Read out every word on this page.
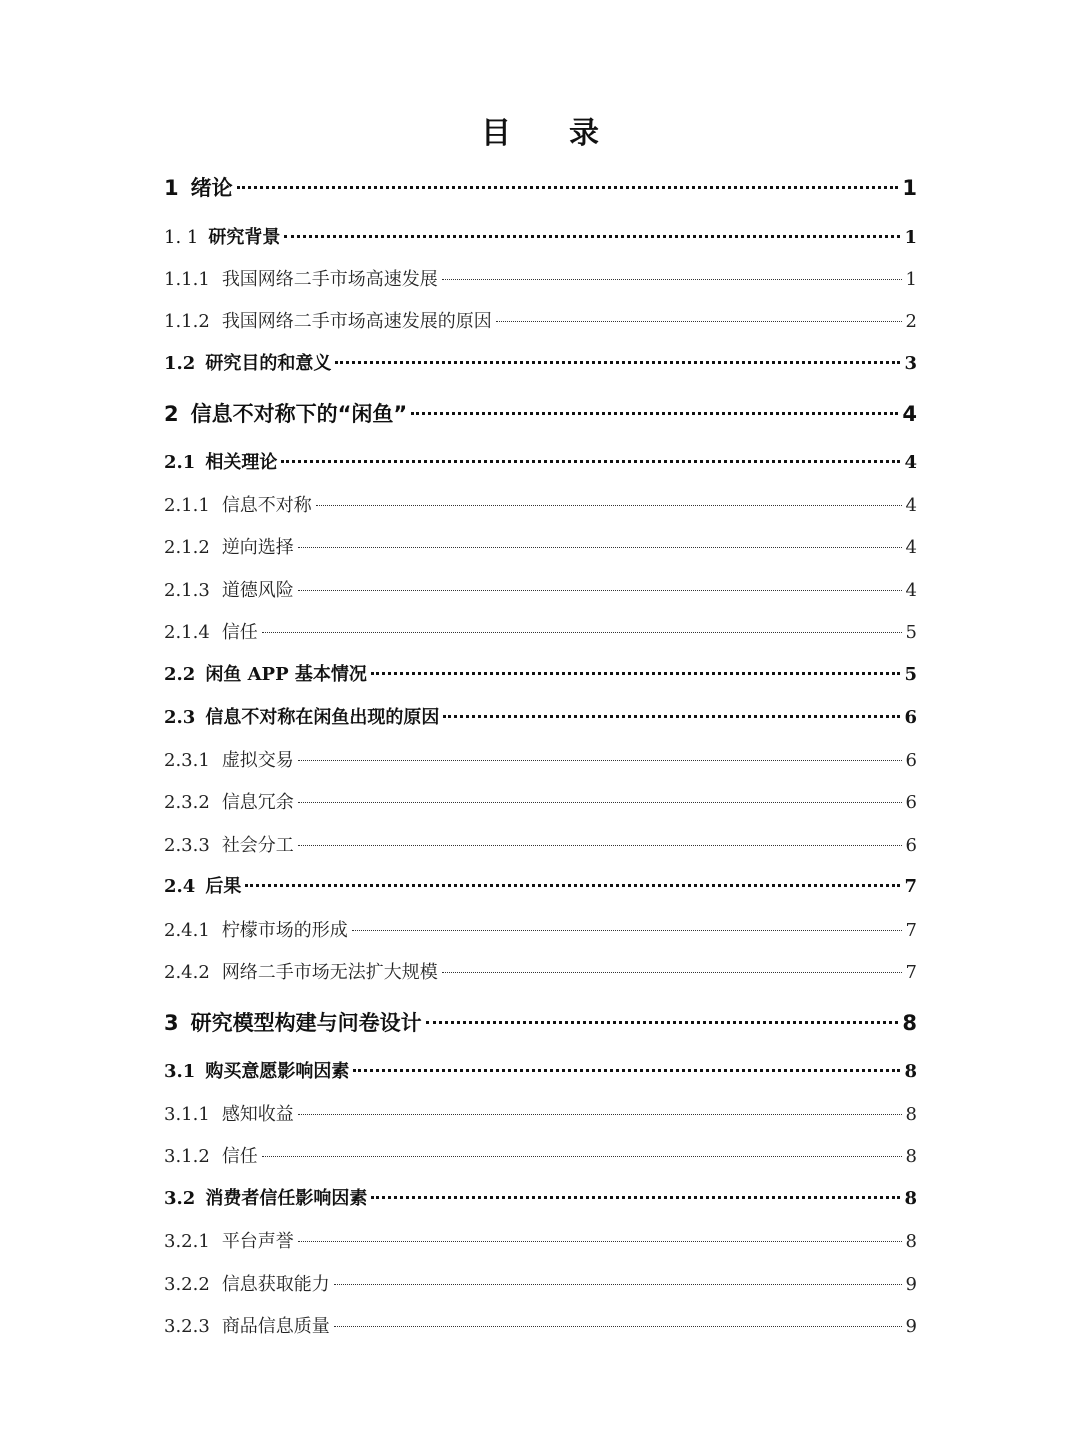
目 录
1 绪论	1
1. 1 研究背景	1
1.1.1 我国网络二手市场高速发展	1
1.1.2 我国网络二手市场高速发展的原因	2
1.2 研究目的和意义	3
2 信息不对称下的“闲鱼”	4
2.1 相关理论	4
2.1.1 信息不对称	4
2.1.2 逆向选择	4
2.1.3 道德风险	4
2.1.4 信任	5
2.2 闲鱼 APP 基本情况	5
2.3 信息不对称在闲鱼出现的原因	6
2.3.1 虚拟交易	6
2.3.2 信息冗余	6
2.3.3 社会分工	6
2.4 后果	7
2.4.1 柠檬市场的形成	7
2.4.2 网络二手市场无法扩大规模	7
3 研究模型构建与问卷设计	8
3.1 购买意愿影响因素	8
3.1.1 感知收益	8
3.1.2 信任	8
3.2 消费者信任影响因素	8
3.2.1 平台声誉	8
3.2.2 信息获取能力	9
3.2.3 商品信息质量	9
